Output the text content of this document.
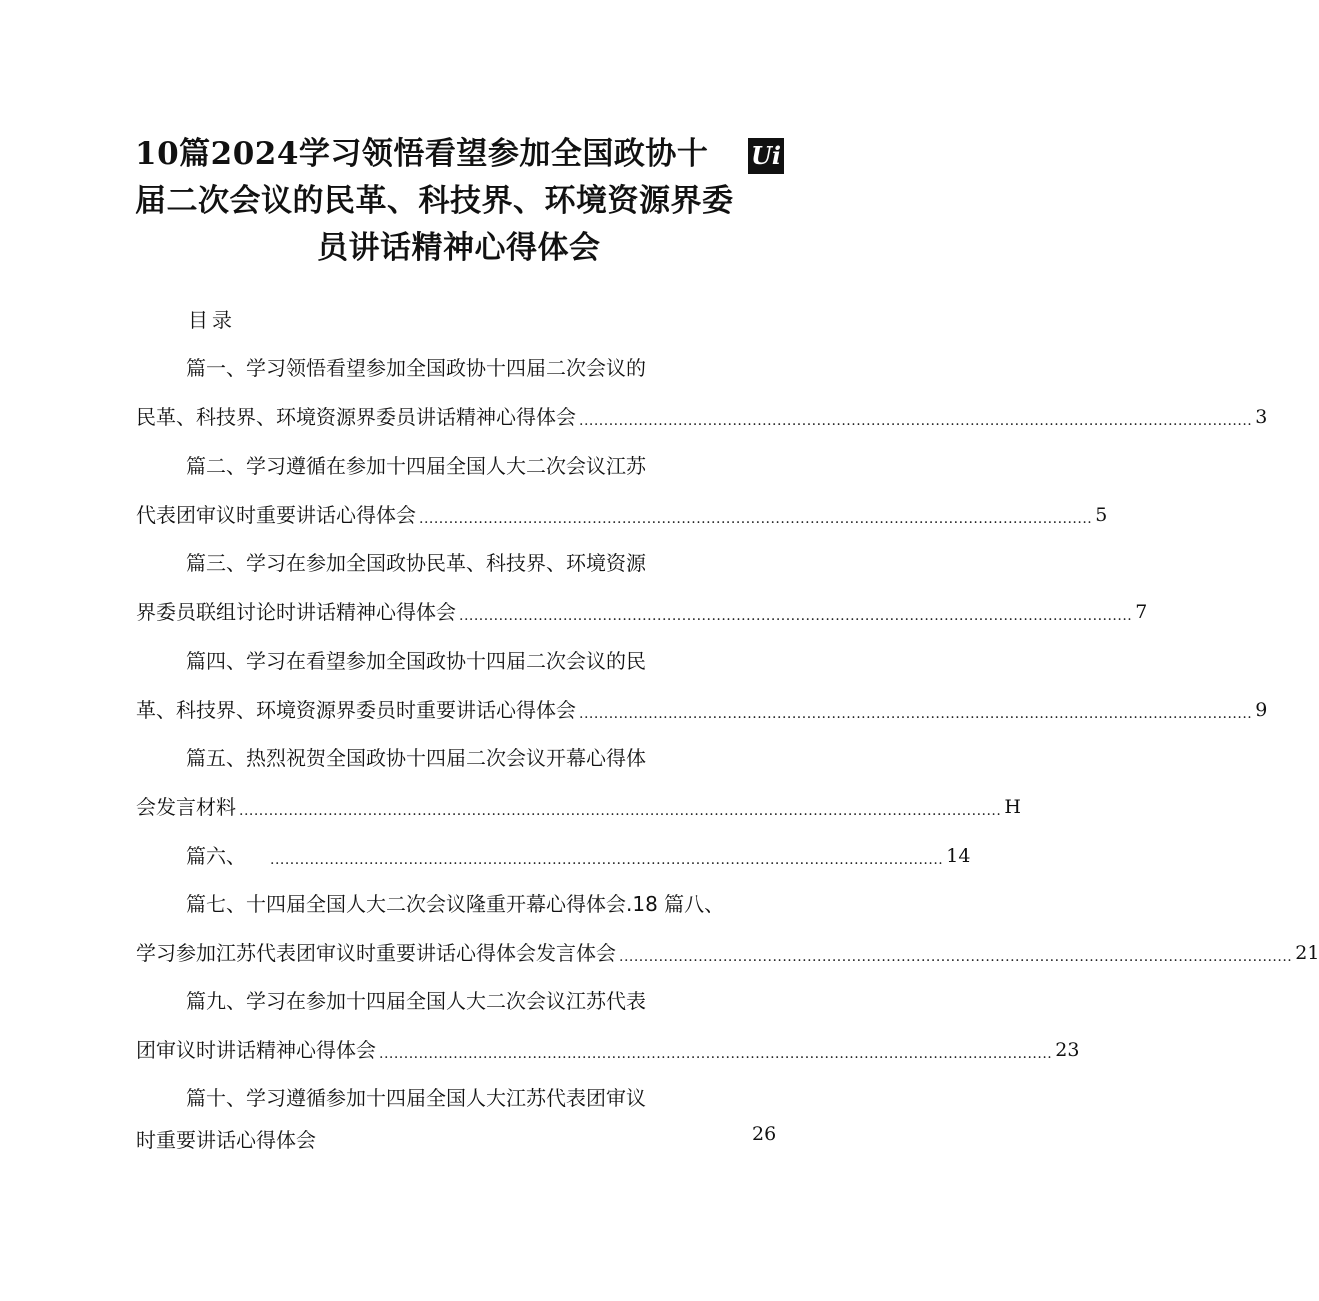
10篇2024学习领悟看望参加全国政协十
届二次会议的民革、科技界、环境资源界委
员讲话精神心得体会
Ui
目录
篇一、学习领悟看望参加全国政协十四届二次会议的
民革、科技界、环境资源界委员讲话精神心得体会 ........................................................................................................................................ 3
篇二、学习遵循在参加十四届全国人大二次会议江苏
代表团审议时重要讲话心得体会 ........................................................................................................................................ 5
篇三、学习在参加全国政协民革、科技界、环境资源
界委员联组讨论时讲话精神心得体会 ........................................................................................................................................ 7
篇四、学习在看望参加全国政协十四届二次会议的民
革、科技界、环境资源界委员时重要讲话心得体会 ........................................................................................................................................ 9
篇五、热烈祝贺全国政协十四届二次会议开幕心得体
会发言材料 .......................................................................................................................................................... H
篇六、 ........................................................................................................................................ 14
篇七、十四届全国人大二次会议隆重开幕心得体会.18 篇八、
学习参加江苏代表团审议时重要讲话心得体会发言体会 ........................................................................................................................................ 21
篇九、学习在参加十四届全国人大二次会议江苏代表
团审议时讲话精神心得体会 ........................................................................................................................................ 23
篇十、学习遵循参加十四届全国人大江苏代表团审议
时重要讲话心得体会	26
